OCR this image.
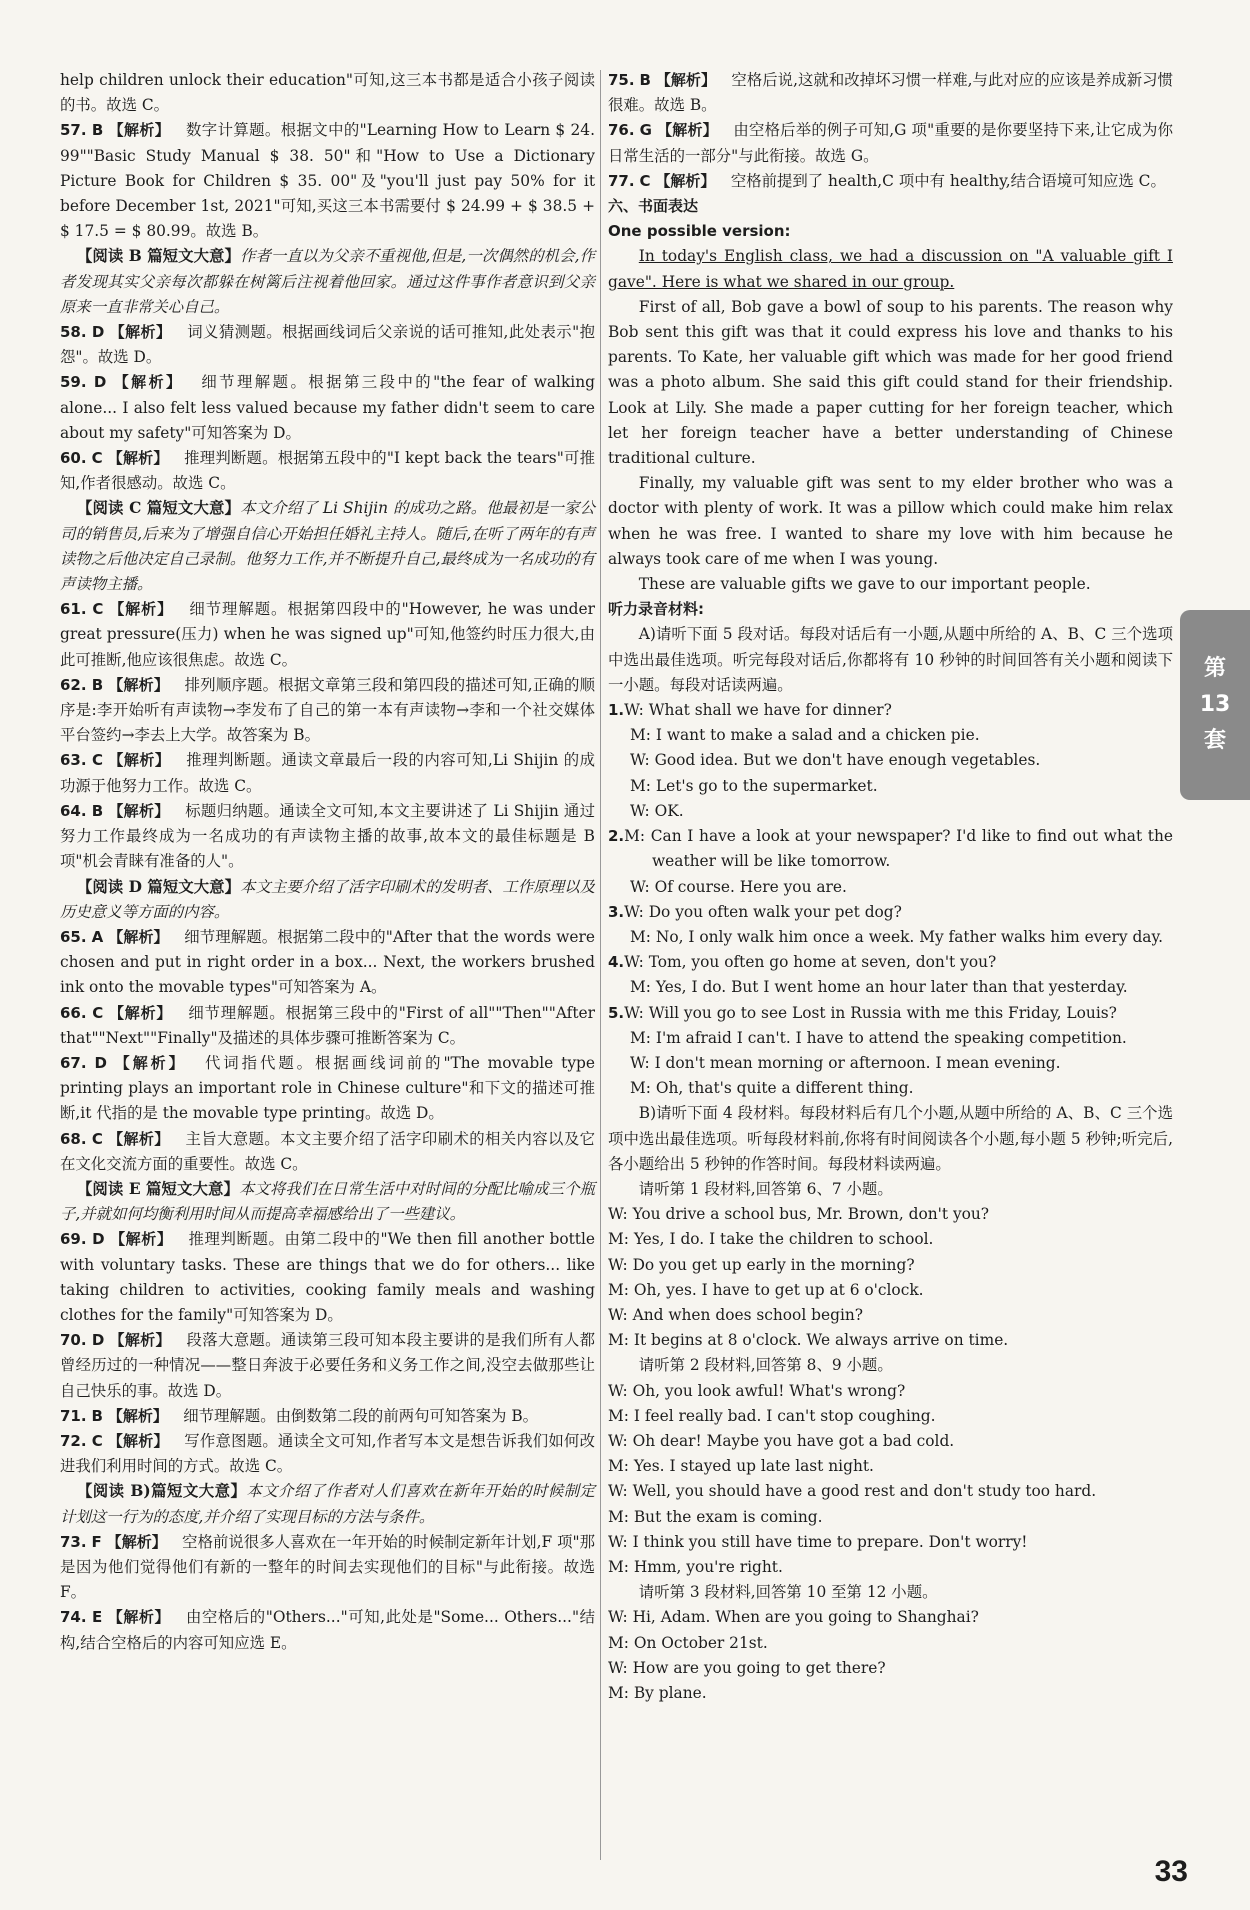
help children unlock their education"可知,这三本书都是适合小孩子阅读的书。故选 C。

57. B 【解析】  数字计算题。根据文中的"Learning How to Learn $ 24. 99""Basic Study Manual $ 38. 50"和"How to Use a Dictionary Picture Book for Children $ 35. 00"及"you'll just pay 50% for it before December 1st, 2021"可知,买这三本书需要付 $ 24.99 + $ 38.5 + $ 17.5 = $ 80.99。故选 B。

【阅读 B 篇短文大意】作者一直以为父亲不重视他,但是,一次偶然的机会,作者发现其实父亲每次都躲在树篱后注视着他回家。通过这件事作者意识到父亲原来一直非常关心自己。

58. D 【解析】  词义猜测题。根据画线词后父亲说的话可推知,此处表示"抱怨"。故选 D。

59. D 【解析】  细节理解题。根据第三段中的"the fear of walking alone... I also felt less valued because my father didn't seem to care about my safety"可知答案为 D。

60. C 【解析】  推理判断题。根据第五段中的"I kept back the tears"可推知,作者很感动。故选 C。

【阅读 C 篇短文大意】本文介绍了 Li Shijin 的成功之路。他最初是一家公司的销售员,后来为了增强自信心开始担任婚礼主持人。随后,在听了两年的有声读物之后他决定自己录制。他努力工作,并不断提升自己,最终成为一名成功的有声读物主播。

61. C 【解析】  细节理解题。根据第四段中的"However, he was under great pressure(压力) when he was signed up"可知,他签约时压力很大,由此可推断,他应该很焦虑。故选 C。

62. B 【解析】  排列顺序题。根据文章第三段和第四段的描述可知,正确的顺序是:李开始听有声读物→李发布了自己的第一本有声读物→李和一个社交媒体平台签约→李去上大学。故答案为 B。

63. C 【解析】  推理判断题。通读文章最后一段的内容可知,Li Shijin 的成功源于他努力工作。故选 C。

64. B 【解析】  标题归纳题。通读全文可知,本文主要讲述了 Li Shijin 通过努力工作最终成为一名成功的有声读物主播的故事,故本文的最佳标题是 B 项"机会青睐有准备的人"。

【阅读 D 篇短文大意】本文主要介绍了活字印刷术的发明者、工作原理以及历史意义等方面的内容。

65. A 【解析】  细节理解题。根据第二段中的"After that the words were chosen and put in right order in a box... Next, the workers brushed ink onto the movable types"可知答案为 A。

66. C 【解析】  细节理解题。根据第三段中的"First of all""Then""After that""Next""Finally"及描述的具体步骤可推断答案为 C。

67. D 【解析】  代词指代题。根据画线词前的"The movable type printing plays an important role in Chinese culture"和下文的描述可推断,it 代指的是 the movable type printing。故选 D。

68. C 【解析】  主旨大意题。本文主要介绍了活字印刷术的相关内容以及它在文化交流方面的重要性。故选 C。

【阅读 E 篇短文大意】本文将我们在日常生活中对时间的分配比喻成三个瓶子,并就如何均衡利用时间从而提高幸福感给出了一些建议。

69. D 【解析】  推理判断题。由第二段中的"We then fill another bottle with voluntary tasks. These are things that we do for others... like taking children to activities, cooking family meals and washing clothes for the family"可知答案为 D。

70. D 【解析】  段落大意题。通读第三段可知本段主要讲的是我们所有人都曾经历过的一种情况——整日奔波于必要任务和义务工作之间,没空去做那些让自己快乐的事。故选 D。

71. B 【解析】  细节理解题。由倒数第二段的前两句可知答案为 B。

72. C 【解析】  写作意图题。通读全文可知,作者写本文是想告诉我们如何改进我们利用时间的方式。故选 C。

【阅读 B)篇短文大意】本文介绍了作者对人们喜欢在新年开始的时候制定计划这一行为的态度,并介绍了实现目标的方法与条件。

73. F 【解析】  空格前说很多人喜欢在一年开始的时候制定新年计划,F 项"那是因为他们觉得他们有新的一整年的时间去实现他们的目标"与此衔接。故选 F。

74. E 【解析】  由空格后的"Others..."可知,此处是"Some... Others..."结构,结合空格后的内容可知应选 E。

75. B 【解析】  空格后说,这就和改掉坏习惯一样难,与此对应的应该是养成新习惯很难。故选 B。

76. G 【解析】  由空格后举的例子可知,G 项"重要的是你要坚持下来,让它成为你日常生活的一部分"与此衔接。故选 G。

77. C 【解析】  空格前提到了 health,C 项中有 healthy,结合语境可知应选 C。

六、书面表达

One possible version:

In today's English class, we had a discussion on "A valuable gift I gave". Here is what we shared in our group.

First of all, Bob gave a bowl of soup to his parents. The reason why Bob sent this gift was that it could express his love and thanks to his parents. To Kate, her valuable gift which was made for her good friend was a photo album. She said this gift could stand for their friendship. Look at Lily. She made a paper cutting for her foreign teacher, which let her foreign teacher have a better understanding of Chinese traditional culture.

Finally, my valuable gift was sent to my elder brother who was a doctor with plenty of work. It was a pillow which could make him relax when he was free. I wanted to share my love with him because he always took care of me when I was young.

These are valuable gifts we gave to our important people.

听力录音材料:

A)请听下面 5 段对话。每段对话后有一小题,从题中所给的 A、B、C 三个选项中选出最佳选项。听完每段对话后,你都将有 10 秒钟的时间回答有关小题和阅读下一小题。每段对话读两遍。

1.W: What shall we have for dinner?

M: I want to make a salad and a chicken pie.

W: Good idea. But we don't have enough vegetables.

M: Let's go to the supermarket.

W: OK.

2.M: Can I have a look at your newspaper? I'd like to find out what the weather will be like tomorrow.

W: Of course. Here you are.

3.W: Do you often walk your pet dog?

M: No, I only walk him once a week. My father walks him every day.

4.W: Tom, you often go home at seven, don't you?

M: Yes, I do. But I went home an hour later than that yesterday.

5.W: Will you go to see Lost in Russia with me this Friday, Louis?

M: I'm afraid I can't. I have to attend the speaking competition.

W: I don't mean morning or afternoon. I mean evening.

M: Oh, that's quite a different thing.

B)请听下面 4 段材料。每段材料后有几个小题,从题中所给的 A、B、C 三个选项中选出最佳选项。听每段材料前,你将有时间阅读各个小题,每小题 5 秒钟;听完后,各小题给出 5 秒钟的作答时间。每段材料读两遍。

请听第 1 段材料,回答第 6、7 小题。

W: You drive a school bus, Mr. Brown, don't you?

M: Yes, I do. I take the children to school.

W: Do you get up early in the morning?

M: Oh, yes. I have to get up at 6 o'clock.

W: And when does school begin?

M: It begins at 8 o'clock. We always arrive on time.

请听第 2 段材料,回答第 8、9 小题。

W: Oh, you look awful! What's wrong?

M: I feel really bad. I can't stop coughing.

W: Oh dear! Maybe you have got a bad cold.

M: Yes. I stayed up late last night.

W: Well, you should have a good rest and don't study too hard.

M: But the exam is coming.

W: I think you still have time to prepare. Don't worry!

M: Hmm, you're right.

请听第 3 段材料,回答第 10 至第 12 小题。

W: Hi, Adam. When are you going to Shanghai?

M: On October 21st.

W: How are you going to get there?

M: By plane.

第
13
套
33
